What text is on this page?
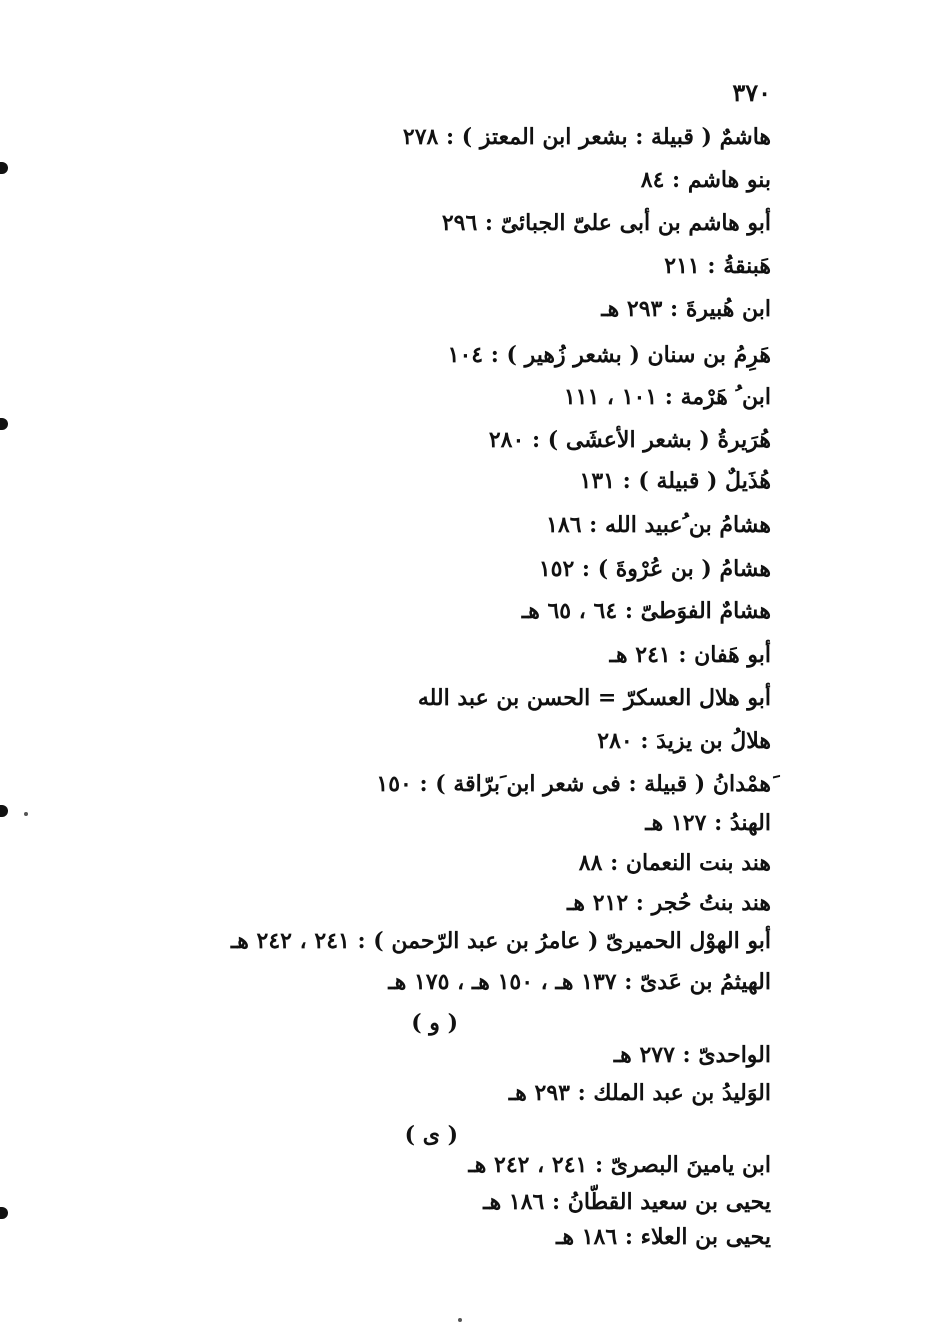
٣٧٠
هاشمٌ ( قبيلة : بشعر ابن المعتز ) : ٢٧٨
بنو هاشم : ٨٤
أبو هاشم بن أبى علىّ الجبائىّ : ٢٩٦
هَبنقةُ : ٢١١
ابن هُبيرةَ : ٢٩٣ هـ
هَرِمُ بن سنان ( بشعر زُهير ) : ١٠٤
ابن ُ هَرْمة : ١٠١ ، ١١١
هُرَيرةُ ( بشعر الأعشَى ) : ٢٨٠
هُذَيلٌ ( قبيلة ) : ١٣١
هشامُ بن ُعبيد الله : ١٨٦
هشامُ ( بن عُرْوةَ ) : ١٥٢
هشامٌ الفوَطىّ : ٦٤ ، ٦٥ هـ
أبو هَفان : ٢٤١ هـ
أبو هلال العسكرّ = الحسن بن عبد الله
هلالُ بن يزيدَ : ٢٨٠
َهمْدانُ ( قبيلة : فى شعر ابن َبرّاقة ) : ١٥٠
الهندُ : ١٢٧ هـ
هند بنت النعمان : ٨٨
هند بنتُ حُجر : ٢١٢ هـ
أبو الهوْل الحميرىّ ( عامرُ بن عبد الرّحمن ) : ٢٤١ ، ٢٤٢ هـ
الهيثمُ بن عَدىّ : ١٣٧ هـ ، ١٥٠ هـ ، ١٧٥ هـ
( و )
الواحدىّ : ٢٧٧ هـ
الوَليدُ بن عبد الملك : ٢٩٣ هـ
( ى )
ابن يامينَ البصرىّ : ٢٤١ ، ٢٤٢ هـ
يحيى بن سعيد القطّانُ : ١٨٦ هـ
يحيى بن العلاء : ١٨٦ هـ
